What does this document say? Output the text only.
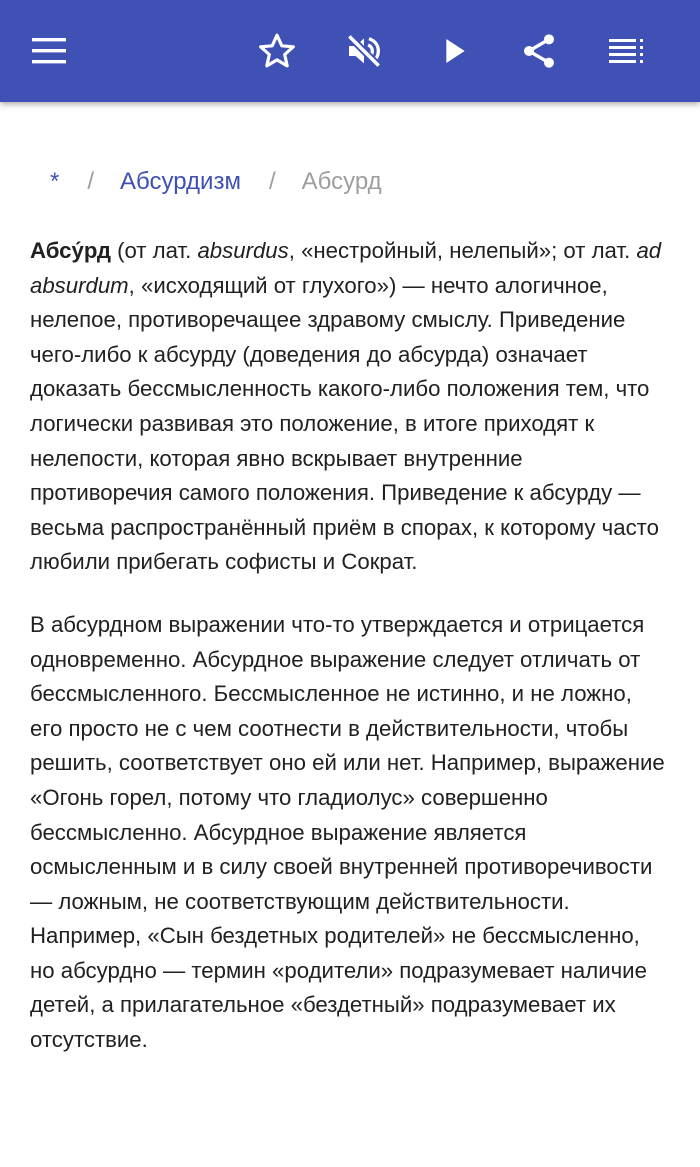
* / Абсурдизм / Абсурд

Абсу́рд (от лат. absurdus, «нестройный, нелепый»; от лат. ad absurdum, «исходящий от глухого») — нечто алогичное, нелепое, противоречащее здравому смыслу. Приведение чего-либо к абсурду (доведения до абсурда) означает доказать бессмысленность какого-либо положения тем, что логически развивая это положение, в итоге приходят к нелепости, которая явно вскрывает внутренние противоречия самого положения. Приведение к абсурду — весьма распространённый приём в спорах, к которому часто любили прибегать софисты и Сократ.

В абсурдном выражении что-то утверждается и отрицается одновременно. Абсурдное выражение следует отличать от бессмысленного. Бессмысленное не истинно, и не ложно, его просто не с чем соотнести в действительности, чтобы решить, соответствует оно ей или нет. Например, выражение «Огонь горел, потому что гладиолус» совершенно бессмысленно. Абсурдное выражение является осмысленным и в силу своей внутренней противоречивости — ложным, не соответствующим действительности. Например, «Сын бездетных родителей» не бессмысленно, но абсурдно — термин «родители» подразумевает наличие детей, а прилагательное «бездетный» подразумевает их отсутствие.
